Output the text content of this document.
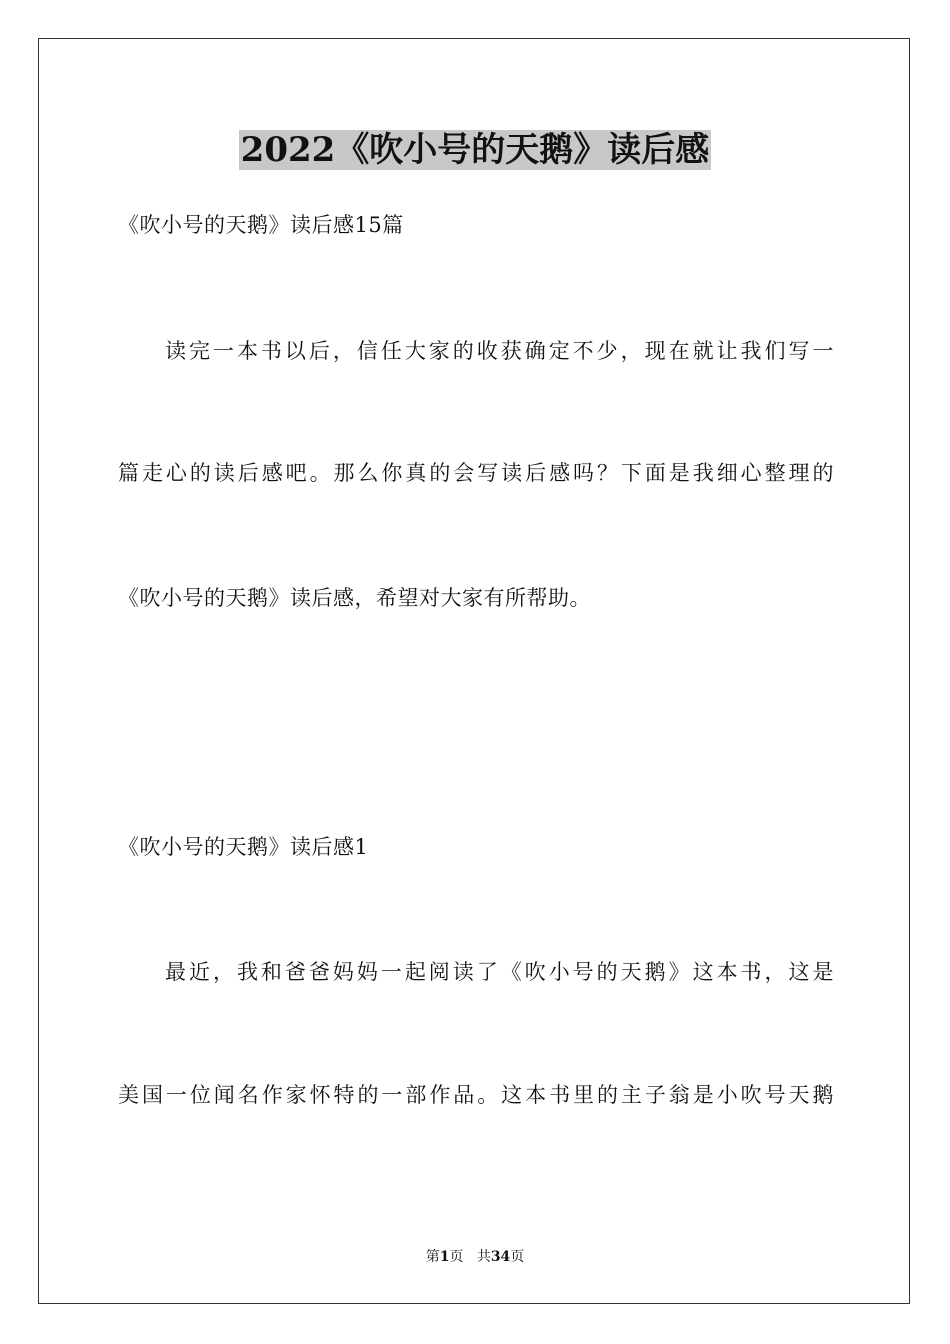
2022《吹小号的天鹅》读后感
《吹小号的天鹅》读后感15篇
读完一本书以后，信任大家的收获确定不少，现在就让我们写一
篇走心的读后感吧。那么你真的会写读后感吗？下面是我细心整理的
《吹小号的天鹅》读后感，希望对大家有所帮助。
《吹小号的天鹅》读后感1
最近，我和爸爸妈妈一起阅读了《吹小号的天鹅》这本书，这是
美国一位闻名作家怀特的一部作品。这本书里的主子翁是小吹号天鹅
第1页 共34页
